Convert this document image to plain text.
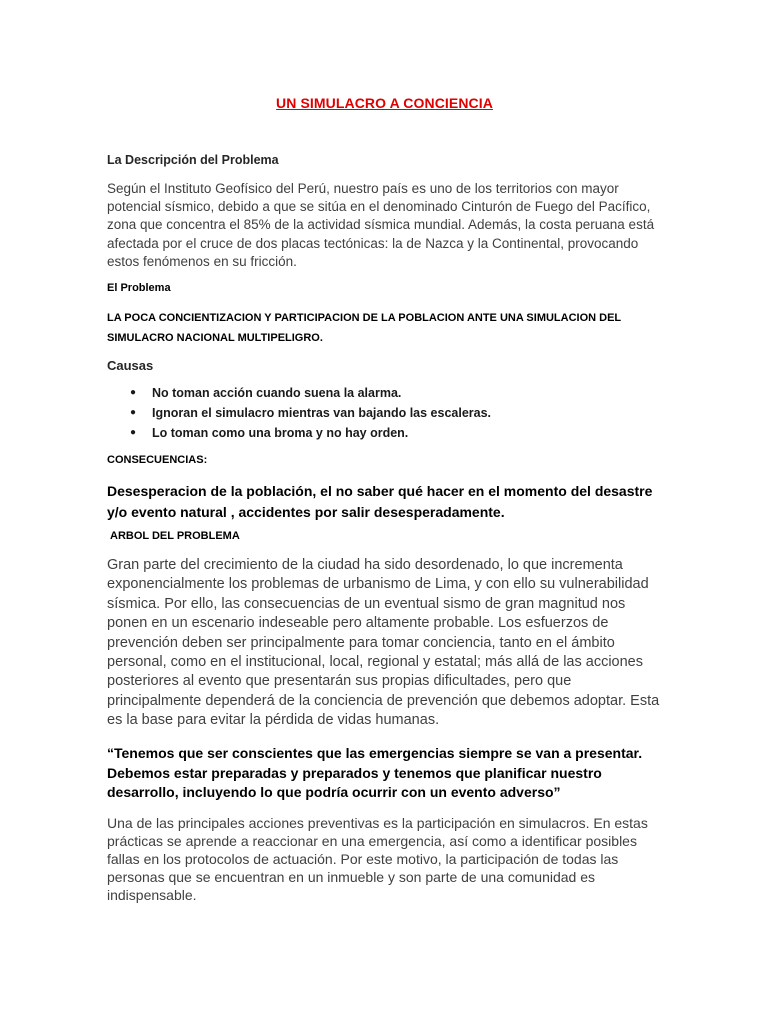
UN SIMULACRO A CONCIENCIA
La Descripción del Problema
Según el Instituto Geofísico del Perú, nuestro país es uno de los territorios con mayor potencial sísmico, debido a que se sitúa en el denominado Cinturón de Fuego del Pacífico, zona que concentra el 85% de la actividad sísmica mundial. Además, la costa peruana está afectada por el cruce de dos placas tectónicas: la de Nazca y la Continental, provocando estos fenómenos en su fricción.
El Problema
LA POCA CONCIENTIZACION Y PARTICIPACION DE LA POBLACION ANTE UNA SIMULACION DEL SIMULACRO NACIONAL MULTIPELIGRO.
Causas
● No toman acción cuando suena la alarma.
● Ignoran el simulacro mientras van bajando las escaleras.
● Lo toman como una broma y no hay orden.
CONSECUENCIAS:
Desesperacion de la población, el no saber qué hacer en el momento del desastre y/o evento natural , accidentes por salir desesperadamente.
ARBOL DEL PROBLEMA
Gran parte del crecimiento de la ciudad ha sido desordenado, lo que incrementa exponencialmente los problemas de urbanismo de Lima, y con ello su vulnerabilidad sísmica. Por ello, las consecuencias de un eventual sismo de gran magnitud nos ponen en un escenario indeseable pero altamente probable. Los esfuerzos de prevención deben ser principalmente para tomar conciencia, tanto en el ámbito personal, como en el institucional, local, regional y estatal; más allá de las acciones posteriores al evento que presentarán sus propias dificultades, pero que principalmente dependerá de la conciencia de prevención que debemos adoptar. Esta es la base para evitar la pérdida de vidas humanas.
“Tenemos que ser conscientes que las emergencias siempre se van a presentar. Debemos estar preparadas y preparados y tenemos que planificar nuestro desarrollo, incluyendo lo que podría ocurrir con un evento adverso”
Una de las principales acciones preventivas es la participación en simulacros. En estas prácticas se aprende a reaccionar en una emergencia, así como a identificar posibles fallas en los protocolos de actuación. Por este motivo, la participación de todas las personas que se encuentran en un inmueble y son parte de una comunidad es indispensable.
